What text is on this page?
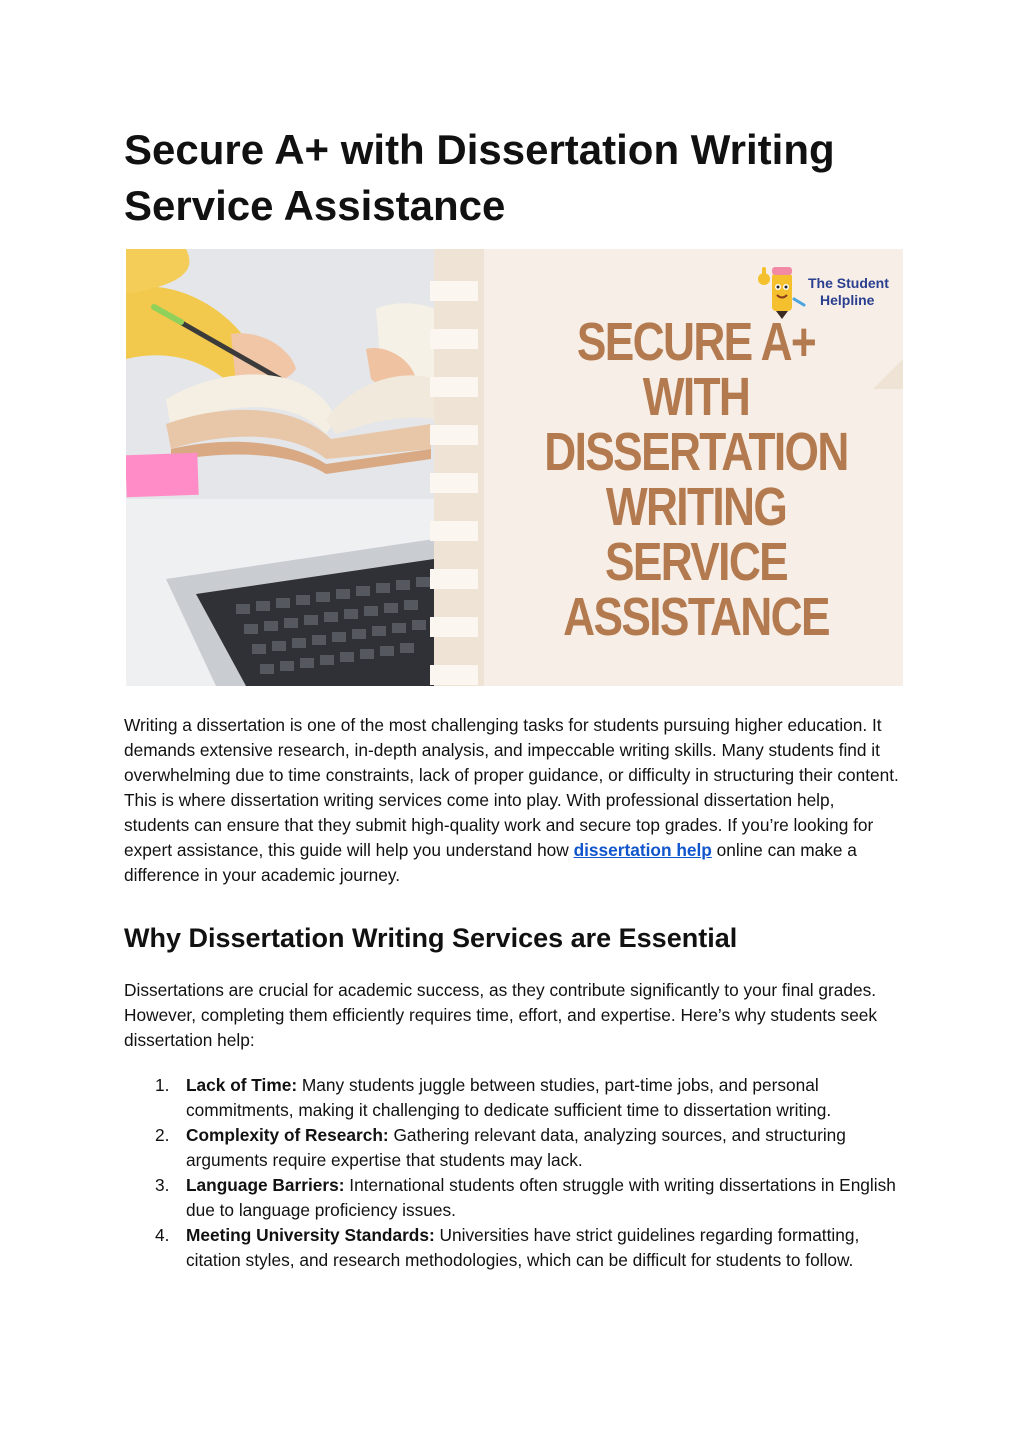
Secure A+ with Dissertation Writing Service Assistance
The Student
Helpline
SECURE A+ WITH
DISSERTATION
WRITING
SERVICE
ASSISTANCE

Writing a dissertation is one of the most challenging tasks for students pursuing higher education. It demands extensive research, in-depth analysis, and impeccable writing skills. Many students find it overwhelming due to time constraints, lack of proper guidance, or difficulty in structuring their content. This is where dissertation writing services come into play. With professional dissertation help, students can ensure that they submit high-quality work and secure top grades. If you’re looking for expert assistance, this guide will help you understand how dissertation help online can make a difference in your academic journey.

Why Dissertation Writing Services are Essential

Dissertations are crucial for academic success, as they contribute significantly to your final grades. However, completing them efficiently requires time, effort, and expertise. Here’s why students seek dissertation help:

1. Lack of Time: Many students juggle between studies, part-time jobs, and personal commitments, making it challenging to dedicate sufficient time to dissertation writing.
2. Complexity of Research: Gathering relevant data, analyzing sources, and structuring arguments require expertise that students may lack.
3. Language Barriers: International students often struggle with writing dissertations in English due to language proficiency issues.
4. Meeting University Standards: Universities have strict guidelines regarding formatting, citation styles, and research methodologies, which can be difficult for students to follow.
